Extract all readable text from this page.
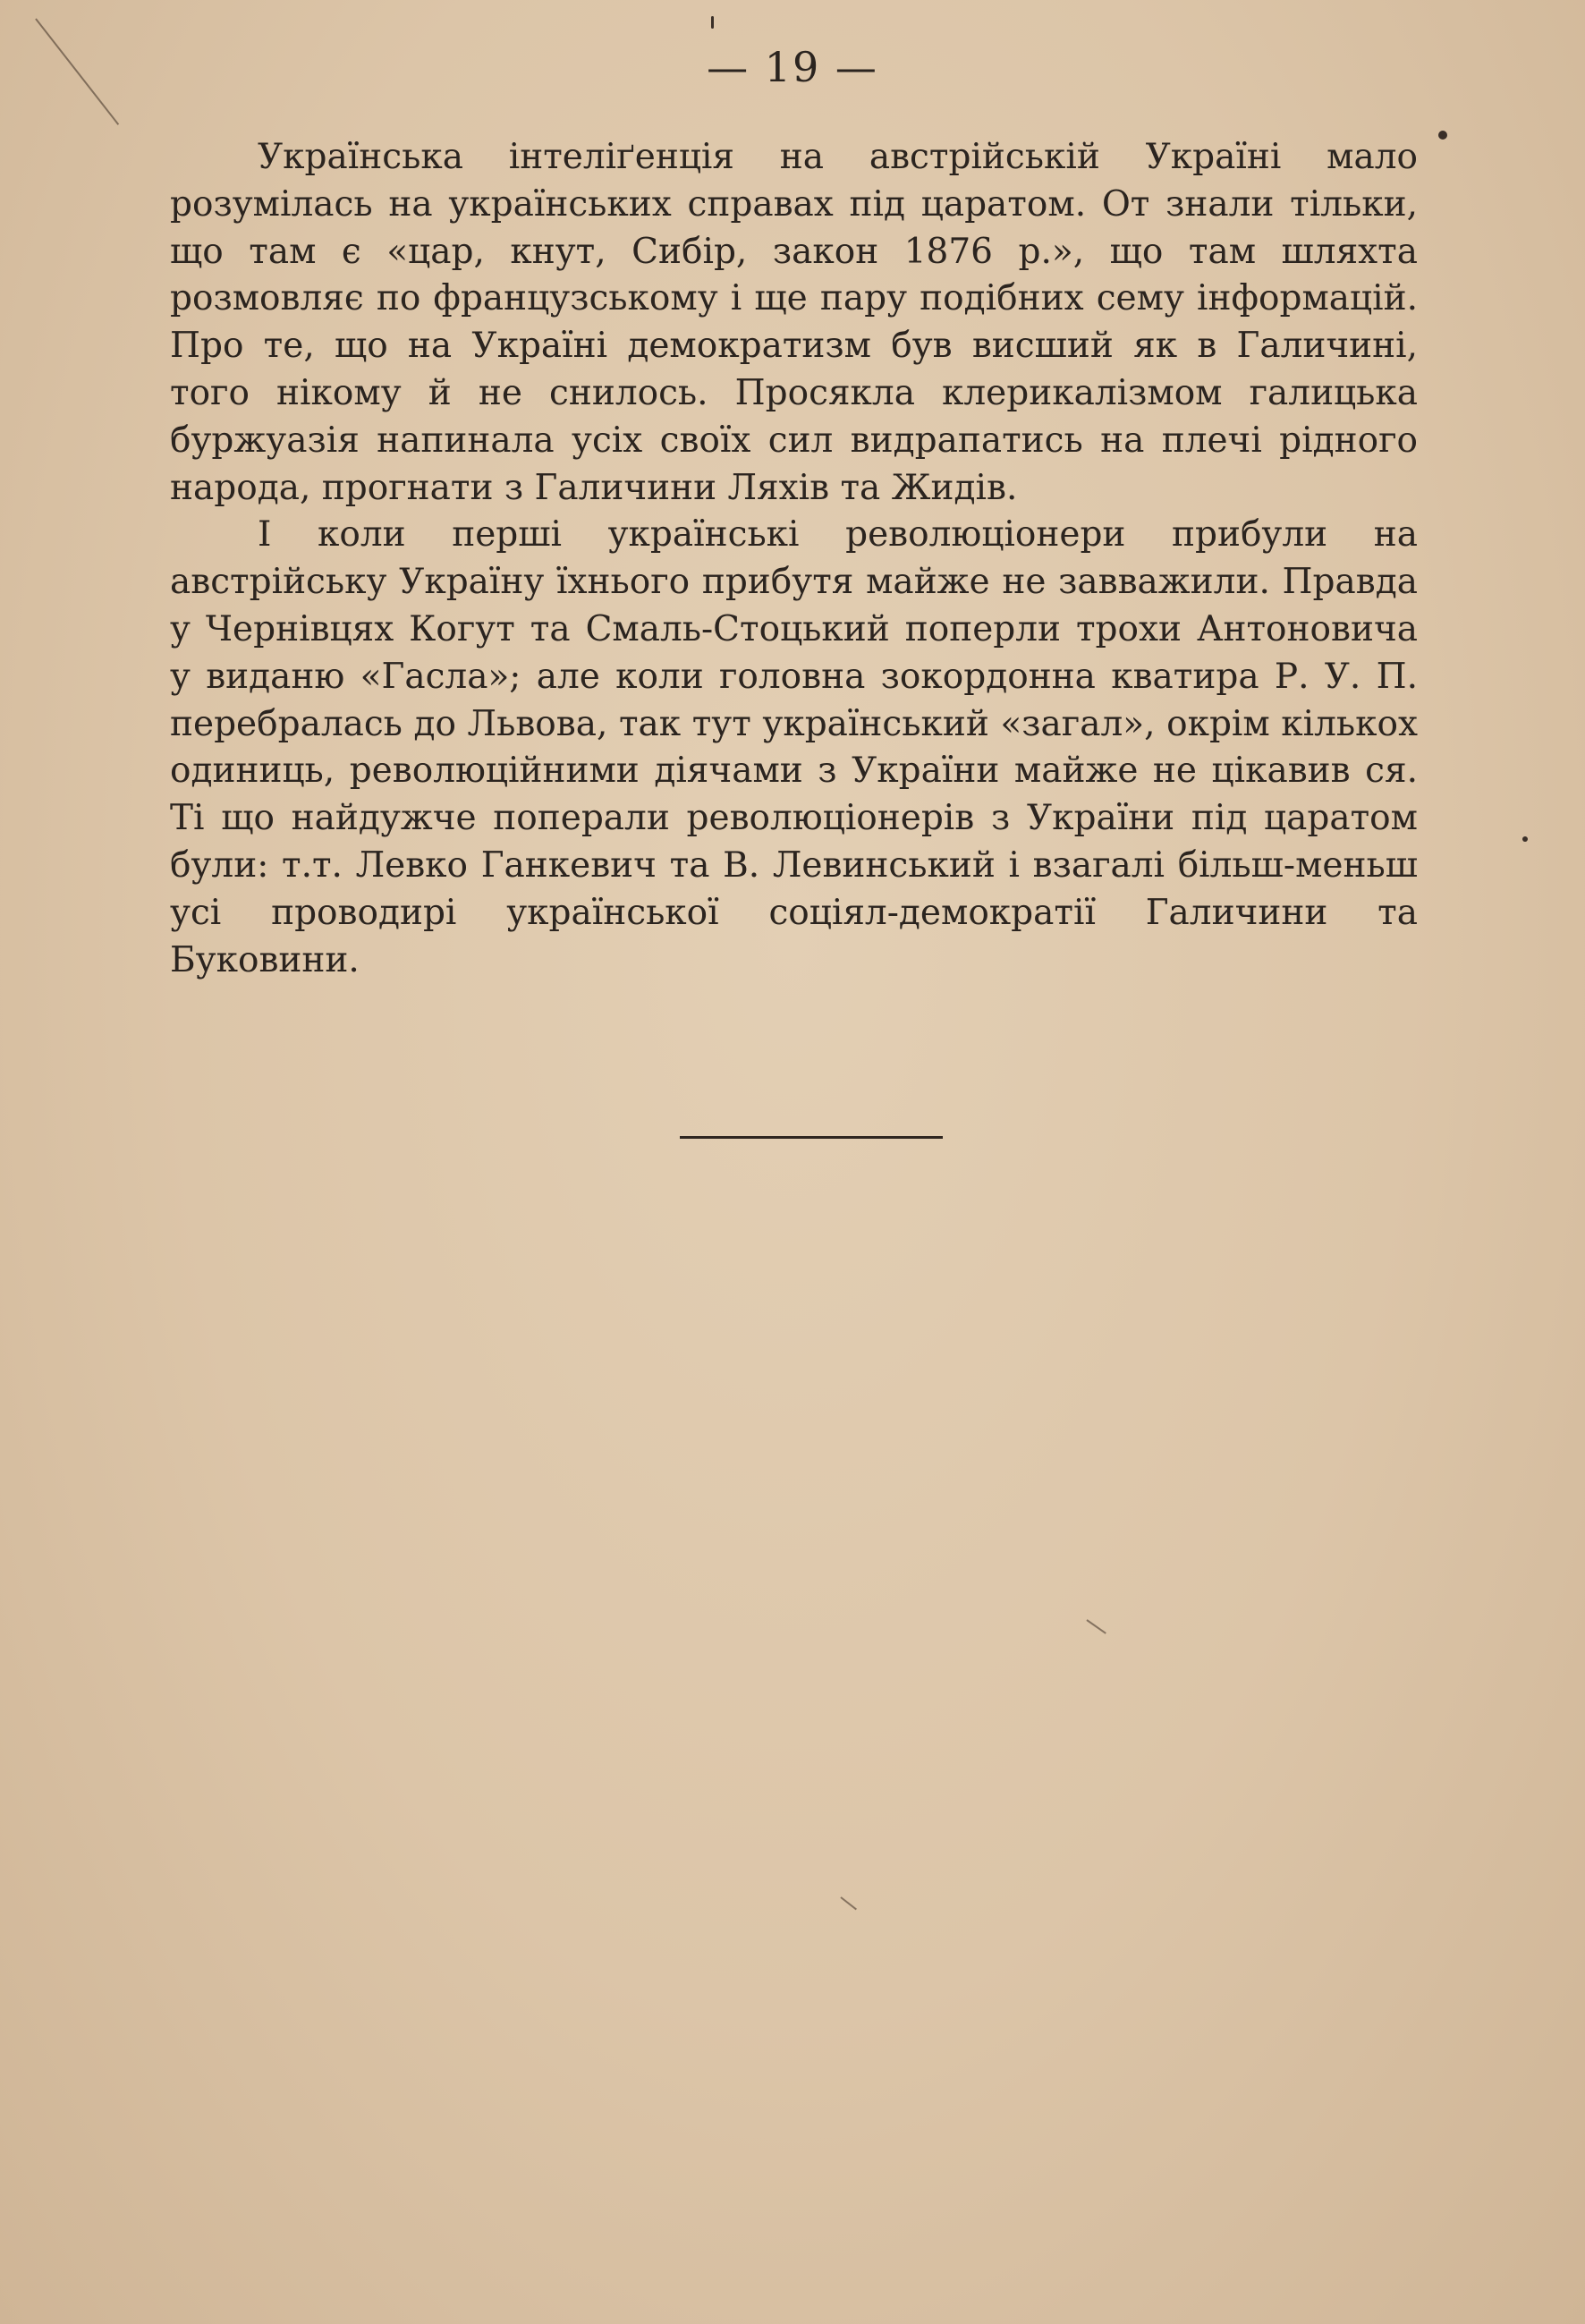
— 19 —

Українська інтеліґенція на австрійській Україні мало розумілась на українських справах під царатом. От знали тільки, що там є «цар, кнут, Сибір, закон 1876 р.», що там шляхта розмовляє по французському і ще пару подібних сему інформацій. Про те, що на Україні демократизм був висший як в Галичині, того нікому й не снилось. Просякла клерикалізмом галицька буржуазія напинала усіх своїх сил видрапатись на плечі рідного народа, прогнати з Галичини Ляхів та Жидів.

І коли перші українські революціонери прибули на австрійську Україну їхнього прибутя майже не завважили. Правда у Чернівцях Когут та Смаль-Стоцький поперли трохи Антоновича у виданю «Гасла»; але коли головна зокордонна кватира Р. У. П. перебралась до Львова, так тут український «загал», окрім кількох одиниць, революційними діячами з України майже не цікавив ся. Ті що найдужче поперали революціонерів з України під царатом були: т.т. Левко Ганкевич та В. Левинський і взагалі більш-меньш усі проводирі української соціял-демократії Галичини та Буковини.
